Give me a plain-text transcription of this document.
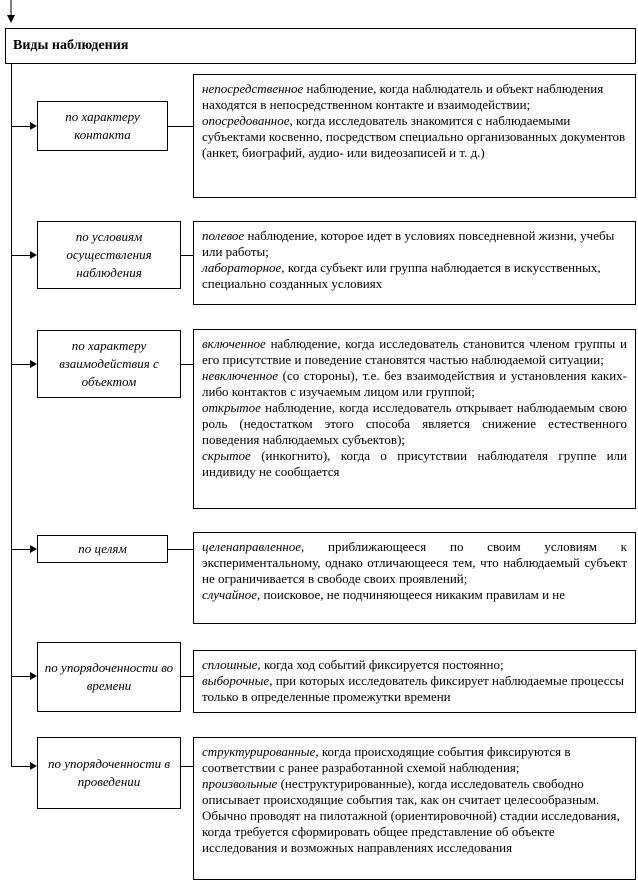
Виды наблюдения
по характеру контакта
непосредственное наблюдение, когда наблюдатель и объект наблюдения находятся в непосредственном контакте и взаимодействии;
опосредованное, когда исследователь знакомится с наблюдаемыми субъектами косвенно, посредством специально организованных документов (анкет, биографий, аудио- или видеозаписей и т. д.)
по условиям осуществления наблюдения
полевое наблюдение, которое идет в условиях повседневной жизни, учебы или работы;
лабораторное, когда субъект или группа наблюдается в искусственных, специально созданных условиях
по характеру взаимодействия с объектом
включенное наблюдение, когда исследователь становится членом группы и его присутствие и поведение становятся частью наблюдаемой ситуации;
невключенное (со стороны), т.е. без взаимодействия и установления каких-либо контактов с изучаемым лицом или группой;
открытое наблюдение, когда исследователь открывает наблюдаемым свою роль (недостатком этого способа является снижение естественного поведения наблюдаемых субъектов);
скрытое (инкогнито), когда о присутствии наблюдателя группе или индивиду не сообщается
по целям	целенаправленное, приближающееся по своим условиям к экспериментальному, однако отличающееся тем, что наблюдаемый субъект не ограничивается в свободе своих проявлений;
случайное, поисковое, не подчиняющееся никаким правилам и не
по упорядоченности во времени
сплошные, когда ход событий фиксируется постоянно;
выборочные, при которых исследователь фиксирует наблюдаемые процессы только в определенные промежутки времени
по упорядоченности в проведении
структурированные, когда происходящие события фиксируются в соответствии с ранее разработанной схемой наблюдения;
произвольные (неструктурированные), когда исследователь свободно описывает происходящие события так, как он считает целесообразным. Обычно проводят на пилотажной (ориентировочной) стадии исследования, когда требуется сформировать общее представление об объекте исследования и возможных направлениях исследования
